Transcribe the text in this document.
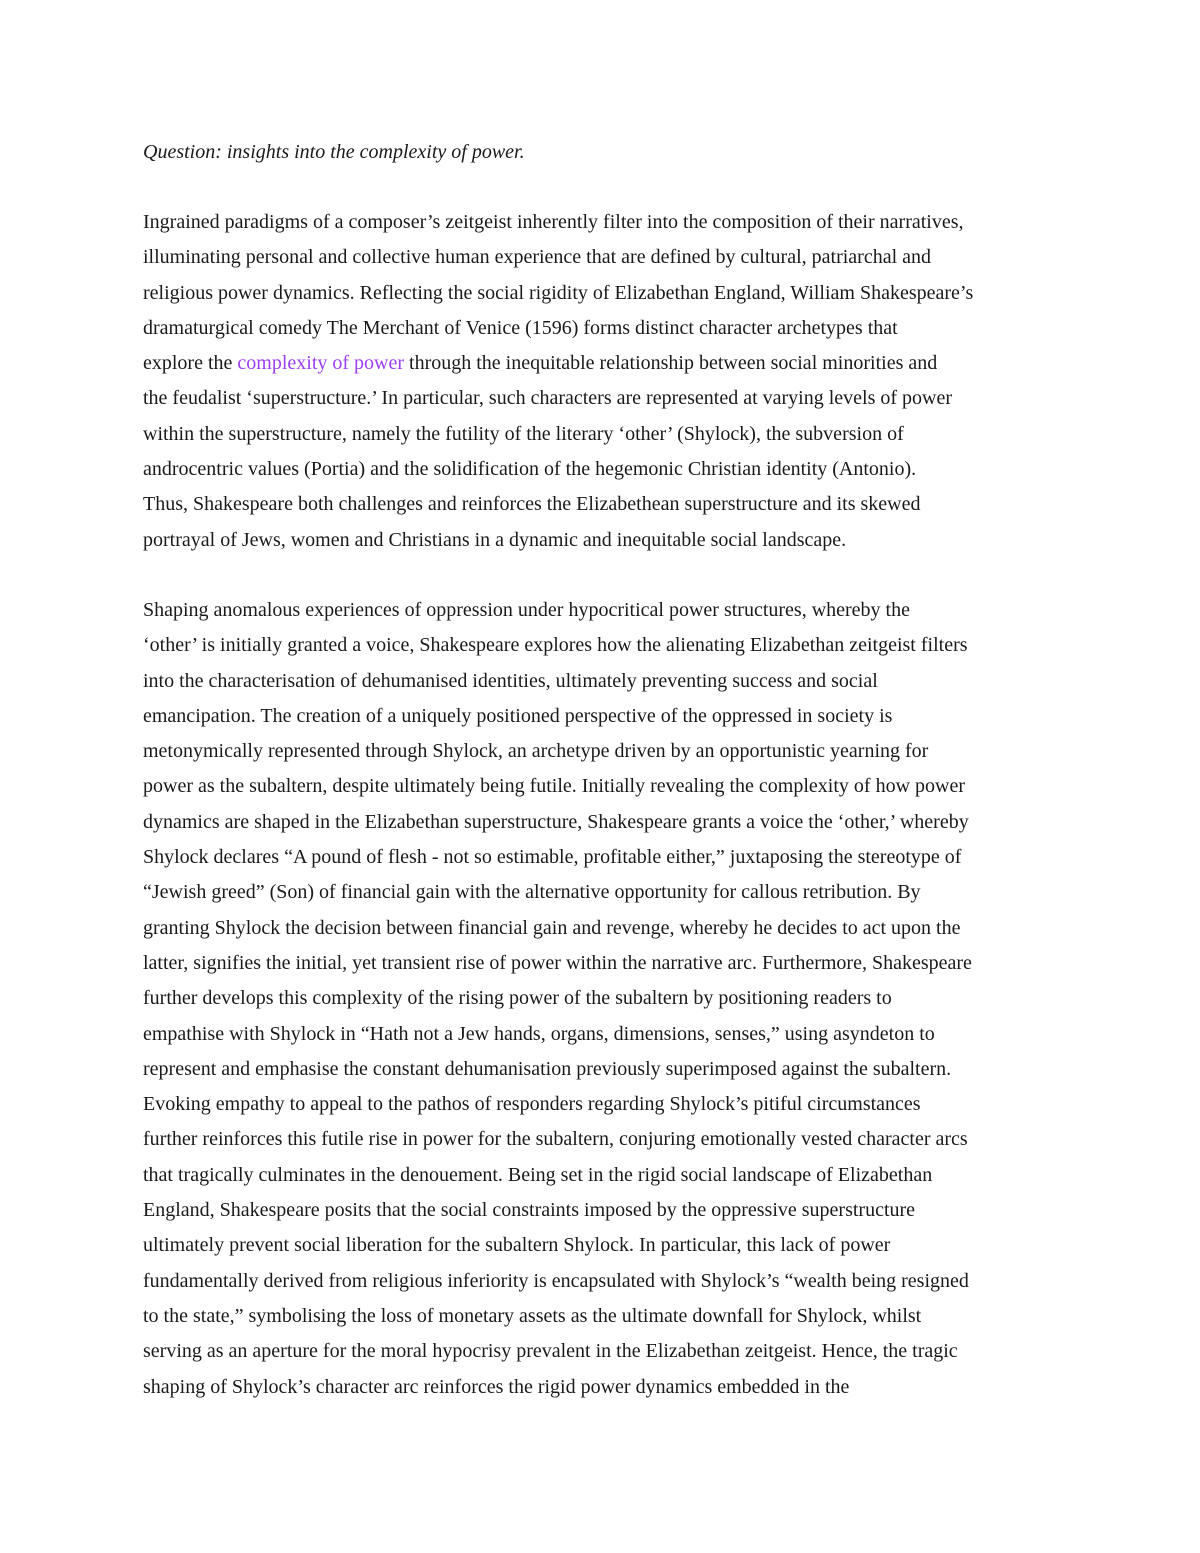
Question: insights into the complexity of power.

Ingrained paradigms of a composer’s zeitgeist inherently filter into the composition of their narratives,
illuminating personal and collective human experience that are defined by cultural, patriarchal and
religious power dynamics. Reflecting the social rigidity of Elizabethan England, William Shakespeare’s
dramaturgical comedy The Merchant of Venice (1596) forms distinct character archetypes that
explore the complexity of power through the inequitable relationship between social minorities and
the feudalist ‘superstructure.’ In particular, such characters are represented at varying levels of power
within the superstructure, namely the futility of the literary ‘other’ (Shylock), the subversion of
androcentric values (Portia) and the solidification of the hegemonic Christian identity (Antonio).
Thus, Shakespeare both challenges and reinforces the Elizabethean superstructure and its skewed
portrayal of Jews, women and Christians in a dynamic and inequitable social landscape.
Shaping anomalous experiences of oppression under hypocritical power structures, whereby the
‘other’ is initially granted a voice, Shakespeare explores how the alienating Elizabethan zeitgeist filters
into the characterisation of dehumanised identities, ultimately preventing success and social
emancipation. The creation of a uniquely positioned perspective of the oppressed in society is
metonymically represented through Shylock, an archetype driven by an opportunistic yearning for
power as the subaltern, despite ultimately being futile. Initially revealing the complexity of how power
dynamics are shaped in the Elizabethan superstructure, Shakespeare grants a voice the ‘other,’ whereby
Shylock declares “A pound of flesh - not so estimable, profitable either,” juxtaposing the stereotype of
“Jewish greed” (Son) of financial gain with the alternative opportunity for callous retribution. By
granting Shylock the decision between financial gain and revenge, whereby he decides to act upon the
latter, signifies the initial, yet transient rise of power within the narrative arc. Furthermore, Shakespeare
further develops this complexity of the rising power of the subaltern by positioning readers to
empathise with Shylock in “Hath not a Jew hands, organs, dimensions, senses,” using asyndeton to
represent and emphasise the constant dehumanisation previously superimposed against the subaltern.
Evoking empathy to appeal to the pathos of responders regarding Shylock’s pitiful circumstances
further reinforces this futile rise in power for the subaltern, conjuring emotionally vested character arcs
that tragically culminates in the denouement. Being set in the rigid social landscape of Elizabethan
England, Shakespeare posits that the social constraints imposed by the oppressive superstructure
ultimately prevent social liberation for the subaltern Shylock. In particular, this lack of power
fundamentally derived from religious inferiority is encapsulated with Shylock’s “wealth being resigned
to the state,” symbolising the loss of monetary assets as the ultimate downfall for Shylock, whilst
serving as an aperture for the moral hypocrisy prevalent in the Elizabethan zeitgeist. Hence, the tragic
shaping of Shylock’s character arc reinforces the rigid power dynamics embedded in the
